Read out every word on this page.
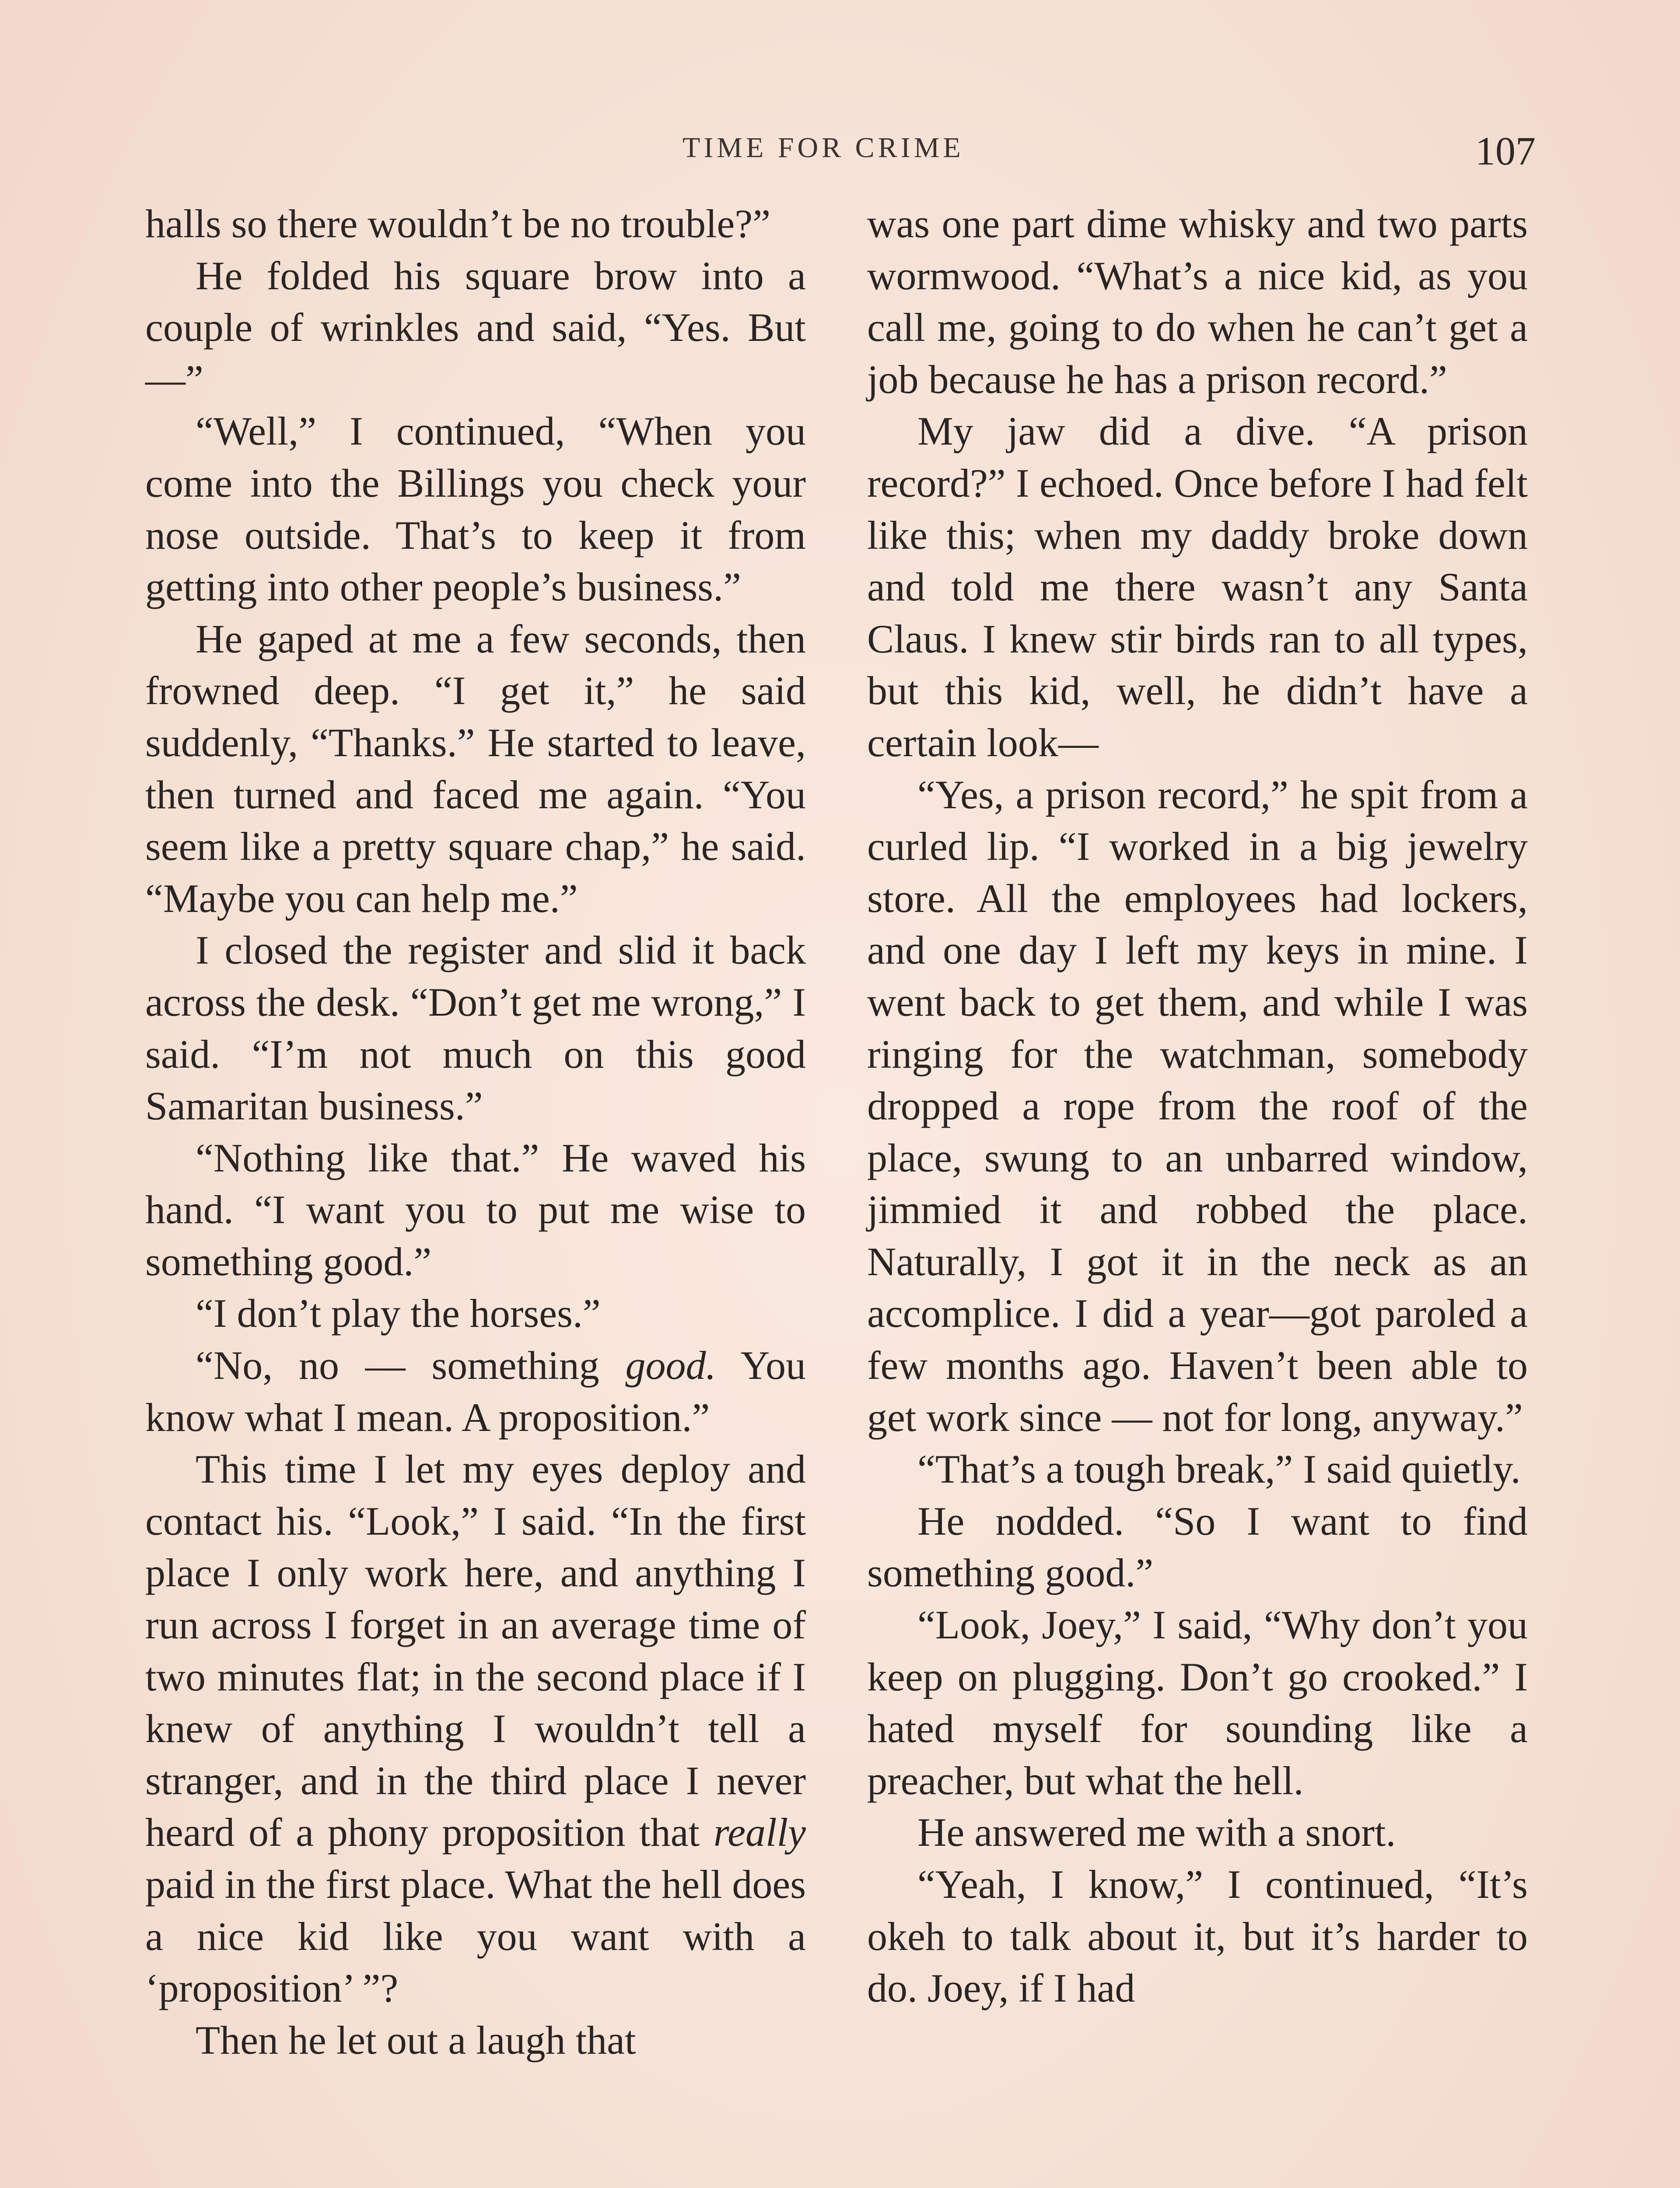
TIME FOR CRIME	107

halls so there wouldn’t be no trouble?”

He folded his square brow into a couple of wrinkles and said, “Yes. But—”

“Well,” I continued, “When you come into the Billings you check your nose outside. That’s to keep it from getting into other people’s business.”

He gaped at me a few seconds, then frowned deep. “I get it,” he said suddenly, “Thanks.” He started to leave, then turned and faced me again. “You seem like a pretty square chap,” he said. “Maybe you can help me.”

I closed the register and slid it back across the desk. “Don’t get me wrong,” I said. “I’m not much on this good Samaritan business.”

“Nothing like that.” He waved his hand. “I want you to put me wise to something good.”

“I don’t play the horses.”

“No, no — something good. You know what I mean. A proposition.”

This time I let my eyes deploy and contact his. “Look,” I said. “In the first place I only work here, and anything I run across I forget in an average time of two minutes flat; in the second place if I knew of anything I wouldn’t tell a stranger, and in the third place I never heard of a phony proposition that really paid in the first place. What the hell does a nice kid like you want with a ‘proposition’ ”?

Then he let out a laugh that

was one part dime whisky and two parts wormwood. “What’s a nice kid, as you call me, going to do when he can’t get a job because he has a prison record.”

My jaw did a dive. “A prison record?” I echoed. Once before I had felt like this; when my daddy broke down and told me there wasn’t any Santa Claus. I knew stir birds ran to all types, but this kid, well, he didn’t have a certain look—

“Yes, a prison record,” he spit from a curled lip. “I worked in a big jewelry store. All the employees had lockers, and one day I left my keys in mine. I went back to get them, and while I was ringing for the watchman, somebody dropped a rope from the roof of the place, swung to an unbarred window, jimmied it and robbed the place. Naturally, I got it in the neck as an accomplice. I did a year—got paroled a few months ago. Haven’t been able to get work since — not for long, anyway.”

“That’s a tough break,” I said quietly.

He nodded. “So I want to find something good.”

“Look, Joey,” I said, “Why don’t you keep on plugging. Don’t go crooked.” I hated myself for sounding like a preacher, but what the hell.

He answered me with a snort.

“Yeah, I know,” I continued, “It’s okeh to talk about it, but it’s harder to do. Joey, if I had
